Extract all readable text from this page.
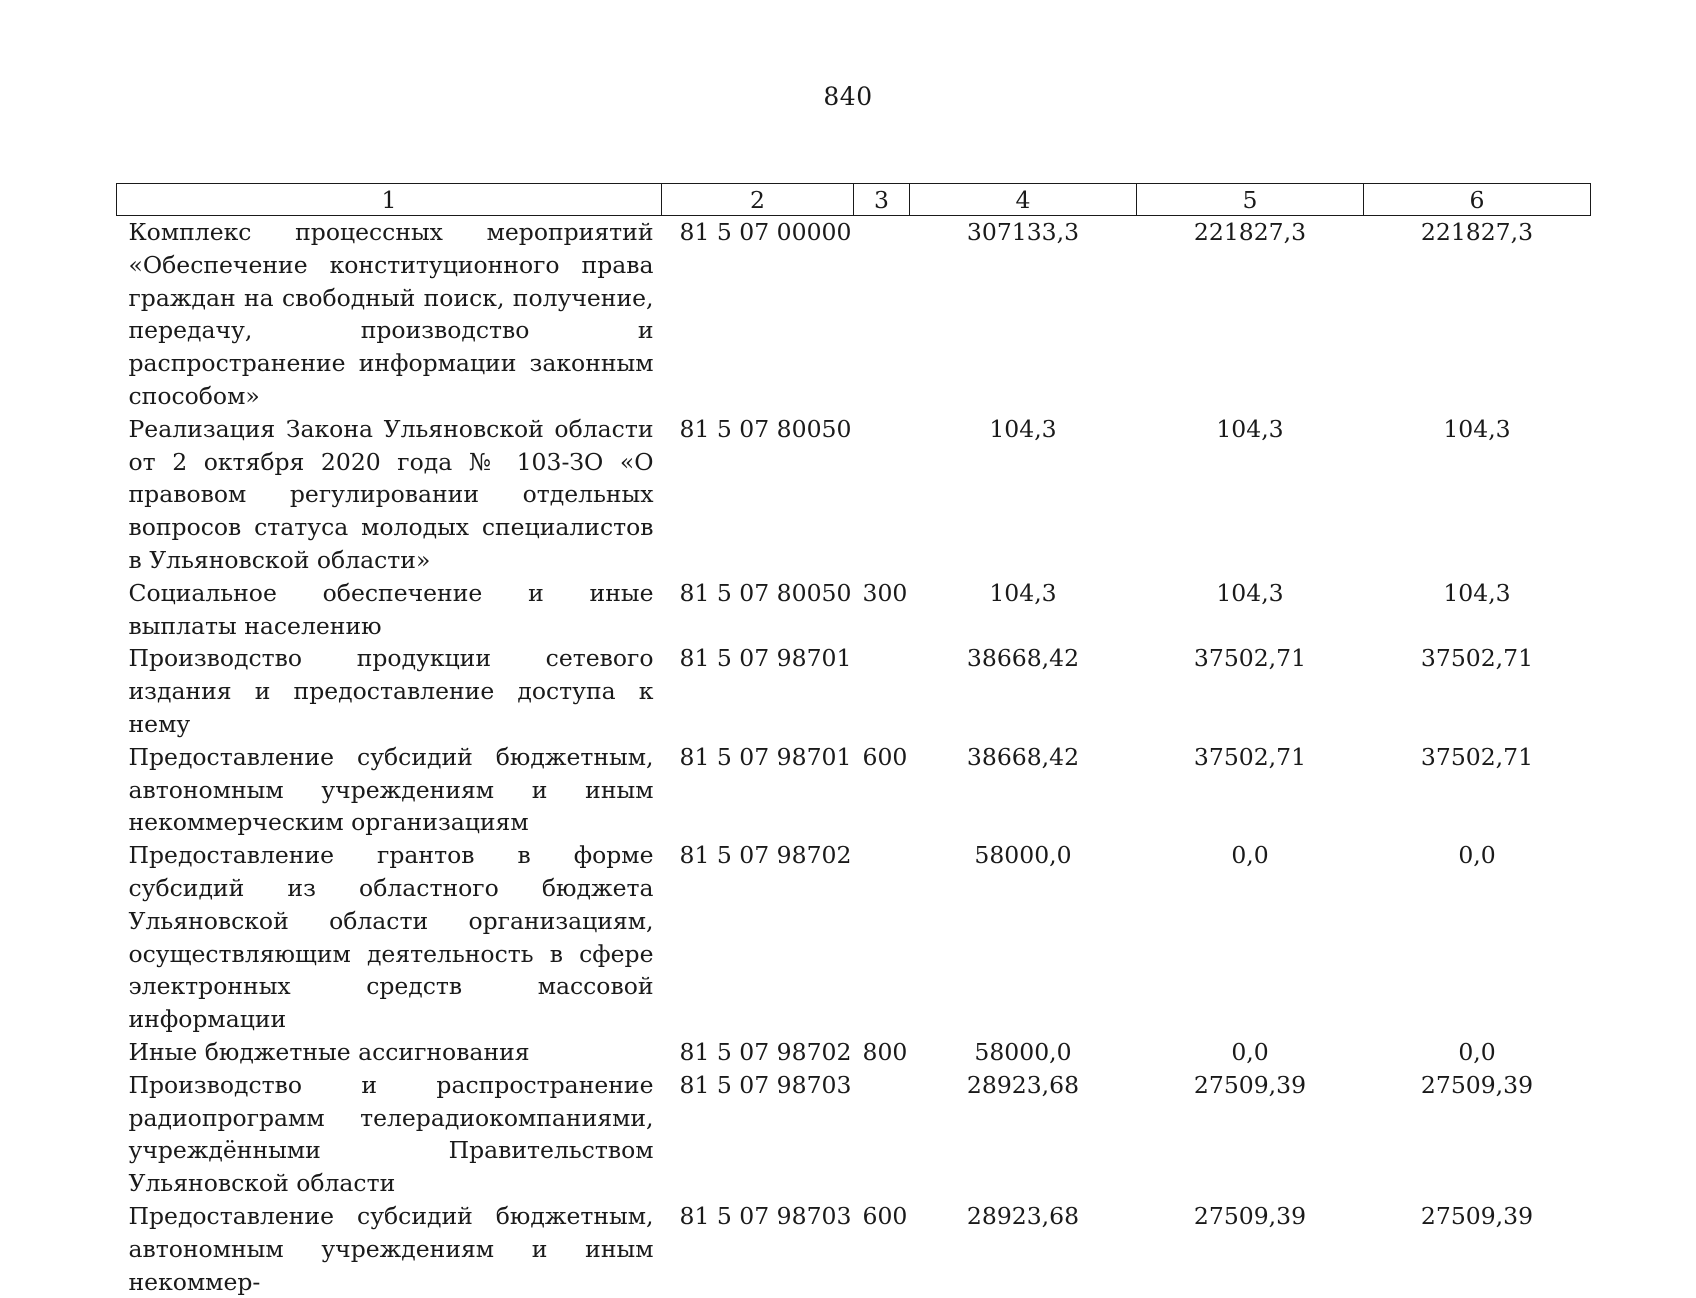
840
1	2	3	4	5	6
Комплекс процессных мероприятий «Обеспечение конституционного права граждан на свободный поиск, получение, передачу, производство и распространение информации законным способом»	81 5 07 00000		307133,3	221827,3	221827,3
Реализация Закона Ульяновской области от 2 октября 2020 года № 103-ЗО «О правовом регулировании отдельных вопросов статуса молодых специалистов в Ульяновской области»	81 5 07 80050		104,3	104,3	104,3
Социальное обеспечение и иные выплаты населению	81 5 07 80050	300	104,3	104,3	104,3
Производство продукции сетевого издания и предоставление доступа к нему	81 5 07 98701		38668,42	37502,71	37502,71
Предоставление субсидий бюджетным, автономным учреждениям и иным некоммерческим организациям	81 5 07 98701	600	38668,42	37502,71	37502,71
Предоставление грантов в форме субсидий из областного бюджета Ульяновской области организациям, осуществляющим деятельность в сфере электронных средств массовой информации	81 5 07 98702		58000,0	0,0	0,0
Иные бюджетные ассигнования	81 5 07 98702	800	58000,0	0,0	0,0
Производство и распространение радиопрограмм телерадиокомпаниями, учреждёнными Правительством Ульяновской области	81 5 07 98703		28923,68	27509,39	27509,39
Предоставление субсидий бюджетным, автономным учреждениям и иным некоммер-	81 5 07 98703	600	28923,68	27509,39	27509,39
